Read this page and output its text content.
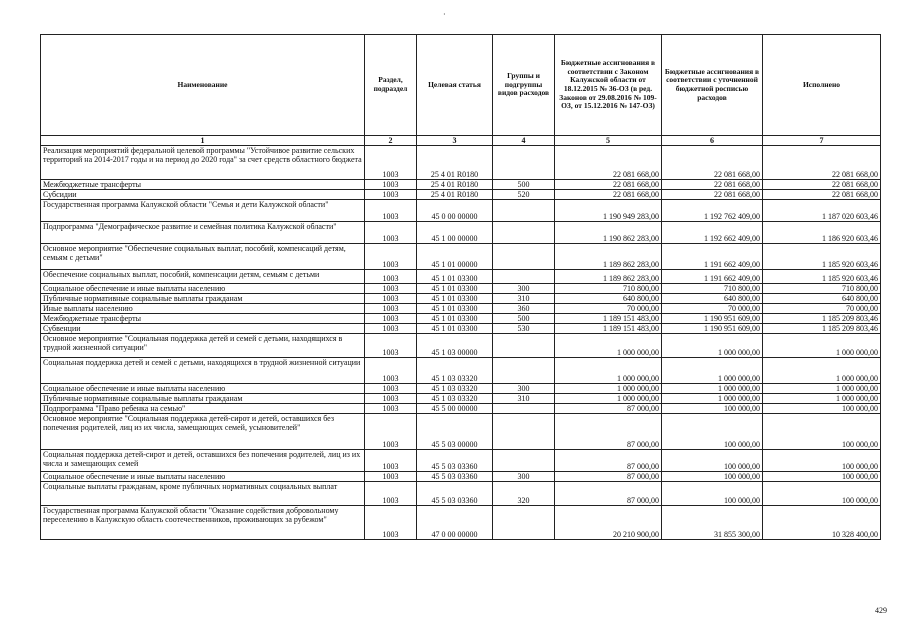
·
Наименование	Раздел, подраздел	Целевая статья	Группы и подгруппы видов расходов	Бюджетные ассигнования в соответствии с Законом Калужской области от 18.12.2015 № 36-ОЗ (в ред. Законов от 29.08.2016 № 109-ОЗ, от 15.12.2016 № 147-ОЗ)	Бюджетные ассигнования в соответствии с уточненной бюджетной росписью расходов	Исполнено
1	2	3	4	5	6	7
Реализация мероприятий федеральной целевой программы "Устойчивое развитие сельских территорий на 2014-2017 годы и на период до 2020 года" за счет средств областного бюджета	1003	25 4 01 R0180		22 081 668,00	22 081 668,00	22 081 668,00
Межбюджетные трансферты	1003	25 4 01 R0180	500	22 081 668,00	22 081 668,00	22 081 668,00
Субсидии	1003	25 4 01 R0180	520	22 081 668,00	22 081 668,00	22 081 668,00
Государственная программа Калужской области "Семья и дети Калужской области"	1003	45 0 00 00000		1 190 949 283,00	1 192 762 409,00	1 187 020 603,46
Подпрограмма "Демографическое развитие и семейная политика Калужской области"	1003	45 1 00 00000		1 190 862 283,00	1 192 662 409,00	1 186 920 603,46
Основное мероприятие "Обеспечение социальных выплат, пособий, компенсаций детям, семьям с детьми"	1003	45 1 01 00000		1 189 862 283,00	1 191 662 409,00	1 185 920 603,46
Обеспечение социальных выплат, пособий, компенсации детям, семьям с детьми	1003	45 1 01 03300		1 189 862 283,00	1 191 662 409,00	1 185 920 603,46
Социальное обеспечение и иные выплаты населению	1003	45 1 01 03300	300	710 800,00	710 800,00	710 800,00
Публичные нормативные социальные выплаты гражданам	1003	45 1 01 03300	310	640 800,00	640 800,00	640 800,00
Иные выплаты населению	1003	45 1 01 03300	360	70 000,00	70 000,00	70 000,00
Межбюджетные трансферты	1003	45 1 01 03300	500	1 189 151 483,00	1 190 951 609,00	1 185 209 803,46
Субвенции	1003	45 1 01 03300	530	1 189 151 483,00	1 190 951 609,00	1 185 209 803,46
Основное мероприятие "Социальная поддержка детей и семей с детьми, находящихся в трудной жизненной ситуации"	1003	45 1 03 00000		1 000 000,00	1 000 000,00	1 000 000,00
Социальная поддержка детей и семей с детьми, находящихся в трудной жизненной ситуации	1003	45 1 03 03320		1 000 000,00	1 000 000,00	1 000 000,00
Социальное обеспечение и иные выплаты населению	1003	45 1 03 03320	300	1 000 000,00	1 000 000,00	1 000 000,00
Публичные нормативные социальные выплаты гражданам	1003	45 1 03 03320	310	1 000 000,00	1 000 000,00	1 000 000,00
Подпрограмма "Право ребенка на семью"	1003	45 5 00 00000		87 000,00	100 000,00	100 000,00
Основное мероприятие "Социальная поддержка детей-сирот и детей, оставшихся без попечения родителей, лиц из их числа, замещающих семей, усыновителей"	1003	45 5 03 00000		87 000,00	100 000,00	100 000,00
Социальная поддержка детей-сирот и детей, оставшихся без попечения родителей, лиц из их числа и замещающих семей	1003	45 5 03 03360		87 000,00	100 000,00	100 000,00
Социальное обеспечение и иные выплаты населению	1003	45 5 03 03360	300	87 000,00	100 000,00	100 000,00
Социальные выплаты гражданам, кроме публичных нормативных социальных выплат	1003	45 5 03 03360	320	87 000,00	100 000,00	100 000,00
Государственная программа Калужской области "Оказание содействия добровольному переселению в Калужскую область соотечественников, проживающих за рубежом"	1003	47 0 00 00000		20 210 900,00	31 855 300,00	10 328 400,00
429
